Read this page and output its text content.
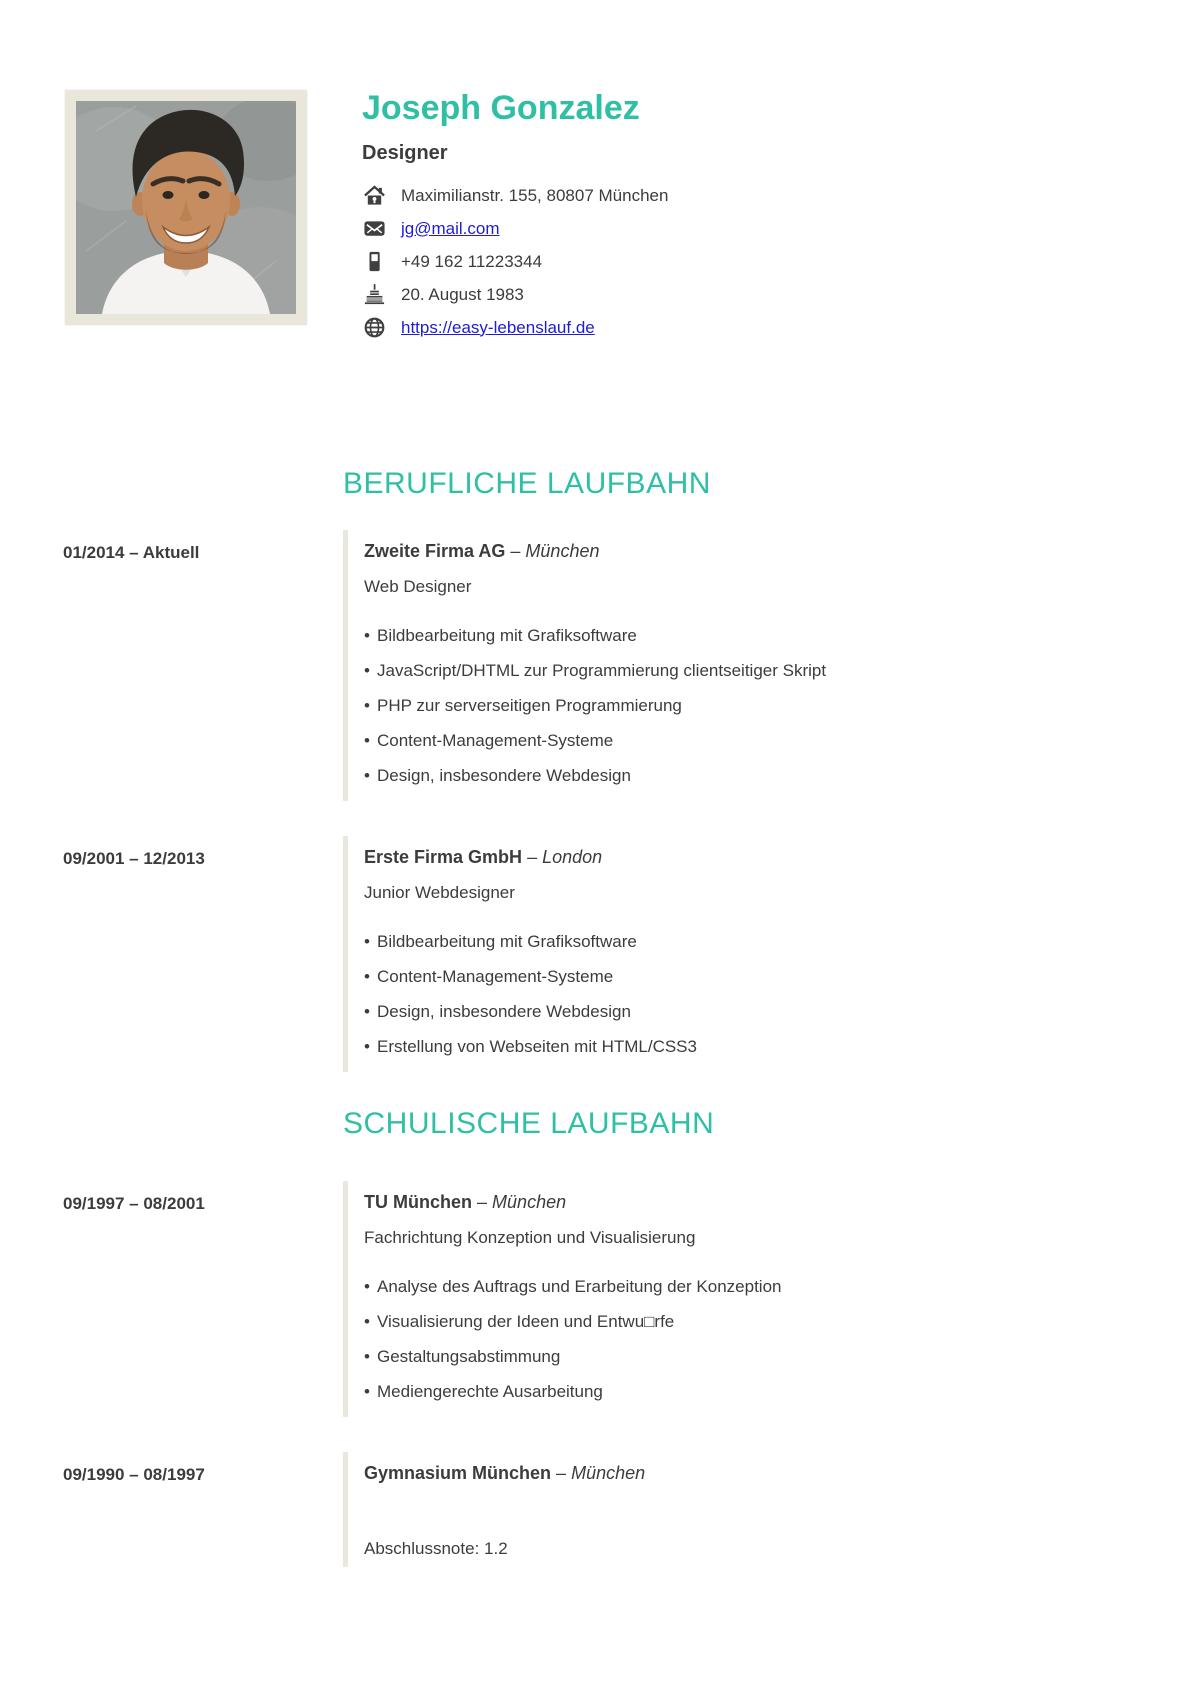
Joseph Gonzalez
Designer
Maximilianstr. 155, 80807 München
jg@mail.com
+49 162 11223344
20. August 1983
https://easy-lebenslauf.de
BERUFLICHE LAUFBAHN
01/2014 – Aktuell	Zweite Firma AG – München
Web Designer
• Bildbearbeitung mit Grafiksoftware
• JavaScript/DHTML zur Programmierung clientseitiger Skript
• PHP zur serverseitigen Programmierung
• Content-Management-Systeme
• Design, insbesondere Webdesign
09/2001 – 12/2013	Erste Firma GmbH – London
Junior Webdesigner
• Bildbearbeitung mit Grafiksoftware
• Content-Management-Systeme
• Design, insbesondere Webdesign
• Erstellung von Webseiten mit HTML/CSS3
SCHULISCHE LAUFBAHN
09/1997 – 08/2001	TU München – München
Fachrichtung Konzeption und Visualisierung
• Analyse des Auftrags und Erarbeitung der Konzeption
• Visualisierung der Ideen und Entwu□rfe
• Gestaltungsabstimmung
• Mediengerechte Ausarbeitung
09/1990 – 08/1997	Gymnasium München – München
Abschlussnote: 1.2
